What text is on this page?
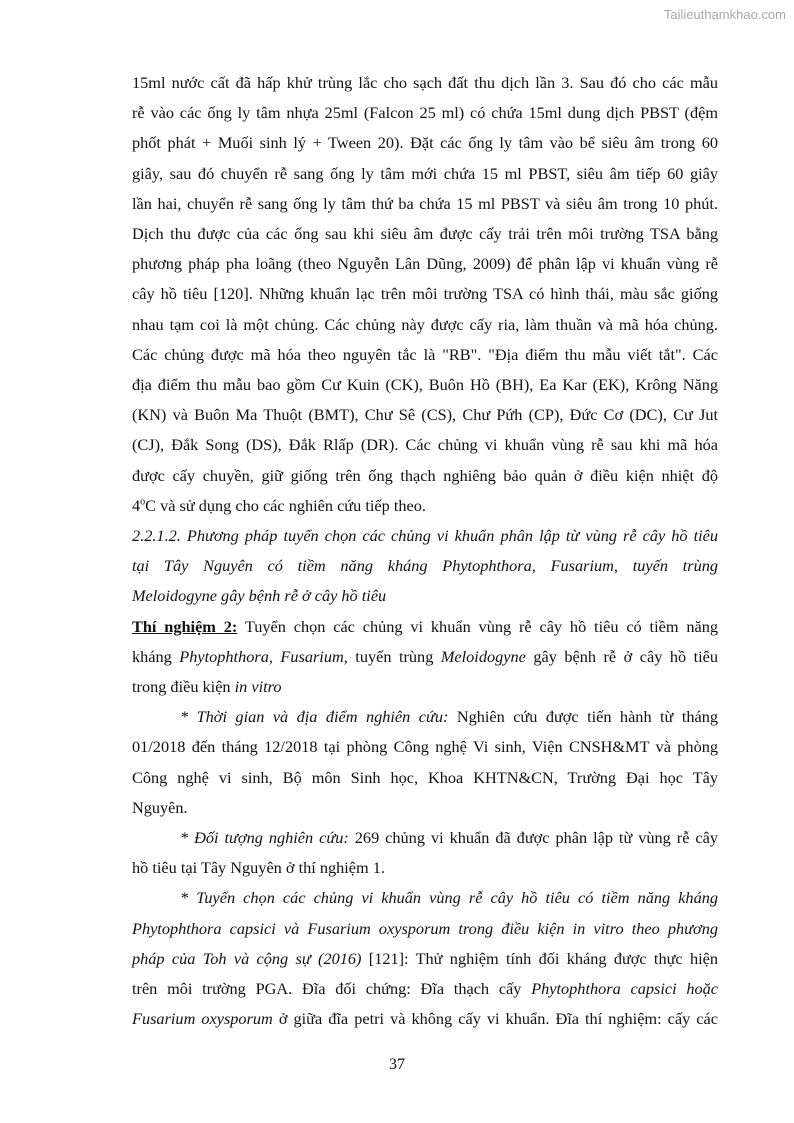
Tailieuthamkhao.com

15ml nước cất đã hấp khử trùng lắc cho sạch đất thu dịch lần 3. Sau đó cho các mẫu

rễ vào các ống ly tâm nhựa 25ml (Falcon 25 ml) có chứa 15ml dung dịch PBST (đệm

phốt phát + Muối sinh lý + Tween 20). Đặt các ống ly tâm vào bể siêu âm trong 60

giây, sau đó chuyển rễ sang ống ly tâm mới chứa 15 ml PBST, siêu âm tiếp 60 giây

lần hai, chuyển rễ sang ống ly tâm thứ ba chứa 15 ml PBST và siêu âm trong 10 phút.

Dịch thu được của các ống sau khi siêu âm được cấy trải trên môi trường TSA bằng

phương pháp pha loãng (theo Nguyễn Lân Dũng, 2009) để phân lập vi khuẩn vùng rễ

cây hồ tiêu [120]. Những khuẩn lạc trên môi trường TSA có hình thái, màu sắc giống

nhau tạm coi là một chủng. Các chủng này được cấy ria, làm thuần và mã hóa chủng.

Các chủng được mã hóa theo nguyên tắc là "RB". "Địa điểm thu mẫu viết tắt". Các

địa điểm thu mẫu bao gồm Cư Kuin (CK), Buôn Hồ (BH), Ea Kar (EK), Krông Năng

(KN) và Buôn Ma Thuột (BMT), Chư Sê (CS), Chư Pứh (CP), Đức Cơ (DC), Cư Jut

(CJ), Đắk Song (DS), Đắk Rlấp (DR). Các chủng vi khuẩn vùng rễ sau khi mã hóa

được cấy chuyền, giữ giống trên ống thạch nghiêng bảo quản ở điều kiện nhiệt độ

4$^o$C và sử dụng cho các nghiên cứu tiếp theo.

2.2.1.2. Phương pháp tuyển chọn các chủng vi khuẩn phân lập từ vùng rễ cây hồ tiêu

tại Tây Nguyên có tiềm năng kháng Phytophthora, Fusarium, tuyến trùng

Meloidogyne gây bệnh rễ ở cây hồ tiêu

Thí nghiệm 2: Tuyển chọn các chủng vi khuẩn vùng rễ cây hồ tiêu có tiềm năng

kháng Phytophthora, Fusarium, tuyến trùng Meloidogyne gây bệnh rễ ở cây hồ tiêu

trong điều kiện in vitro

* Thời gian và địa điểm nghiên cứu: Nghiên cứu được tiến hành từ tháng

01/2018 đến tháng 12/2018 tại phòng Công nghệ Vi sinh, Viện CNSH&MT và phòng

Công nghệ vi sinh, Bộ môn Sinh học, Khoa KHTN&CN, Trường Đại học Tây

Nguyên.

* Đối tượng nghiên cứu: 269 chủng vi khuẩn đã được phân lập từ vùng rễ cây

hồ tiêu tại Tây Nguyên ở thí nghiệm 1.

* Tuyển chọn các chủng vi khuẩn vùng rễ cây hồ tiêu có tiềm năng kháng

Phytophthora capsici và Fusarium oxysporum trong điều kiện in vitro theo phương

pháp của Toh và cộng sự (2016) [121]: Thử nghiệm tính đối kháng được thực hiện

trên môi trường PGA. Đĩa đối chứng: Đĩa thạch cấy Phytophthora capsici hoặc

Fusarium oxysporum ở giữa đĩa petri và không cấy vi khuẩn. Đĩa thí nghiệm: cấy các

37
